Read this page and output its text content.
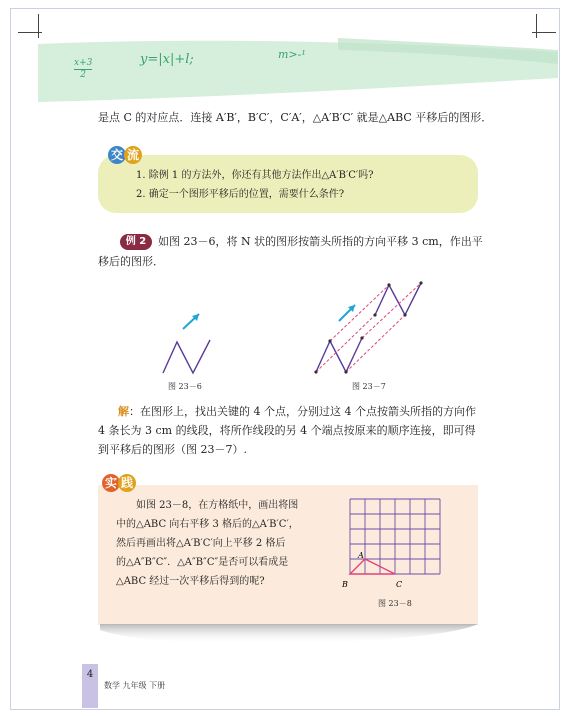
$\frac{x+3}{2}$	y=|x|+l;	m>-¹
是点 C 的对应点．连接 A′B′，B′C′，C′A′，△A′B′C′ 就是△ABC 平移后的图形．
交 流
1. 除例 1 的方法外，你还有其他方法作出△A′B′C′吗?
2. 确定一个图形平移后的位置，需要什么条件?
例 2	如图 23－6，将 N 状的图形按箭头所指的方向平移 3 cm，作出平
移后的图形．
图 23－6	图 23－7
解：在图形上，找出关键的 4 个点，分别过这 4 个点按箭头所指的方向作
4 条长为 3 cm 的线段，将所作线段的另 4 个端点按原来的顺序连接，即可得
到平移后的图形（图 23－7）.
实 践
如图 23－8，在方格纸中，画出将图
中的△ABC 向右平移 3 格后的△A′B′C′，
然后再画出将△A′B′C′向上平移 2 格后
的△A″B″C″．△A″B″C″是否可以看成是
△ABC 经过一次平移后得到的呢?
A
B	C
图 23－8
4
数学 九年级 下册
